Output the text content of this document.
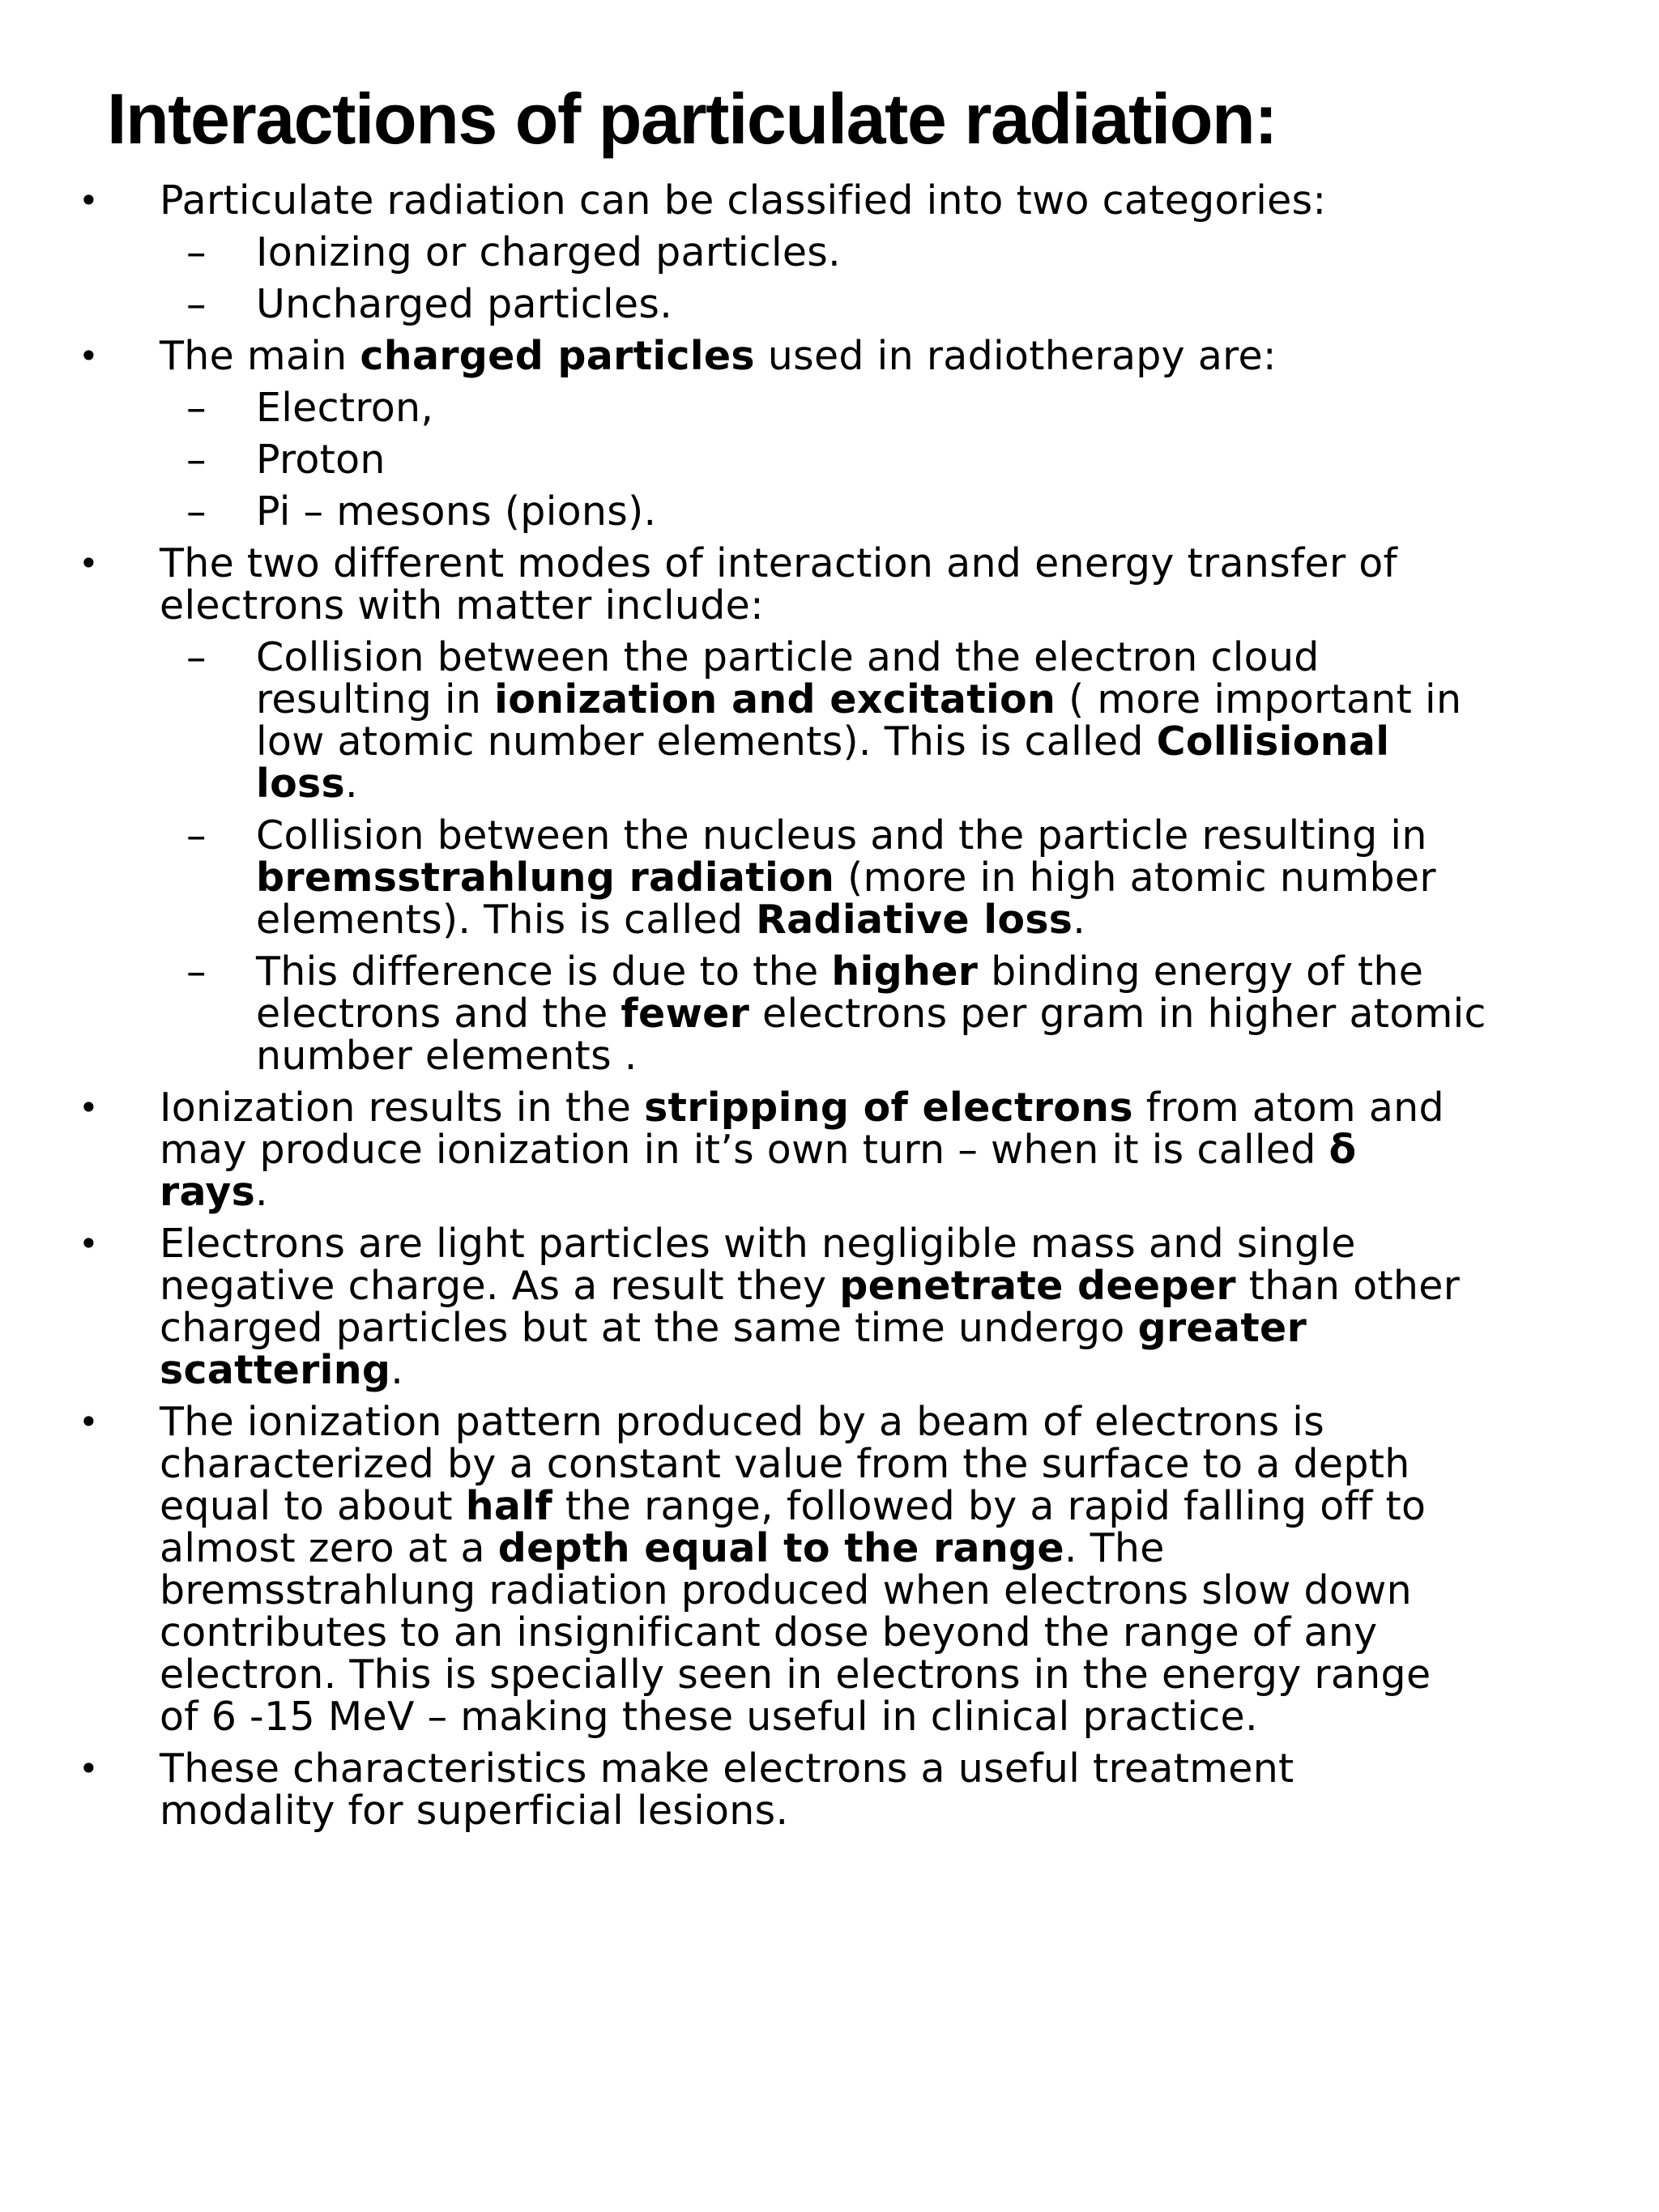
Interactions of particulate radiation:
• Particulate radiation can be classified into two categories:
– Ionizing or charged particles.
– Uncharged particles.
• The main charged particles used in radiotherapy are:
– Electron,
– Proton
– Pi – mesons (pions).
• The two different modes of interaction and energy transfer of
electrons with matter include:
– Collision between the particle and the electron cloud
resulting in ionization and excitation ( more important in
low atomic number elements). This is called Collisional
loss.
– Collision between the nucleus and the particle resulting in
bremsstrahlung radiation (more in high atomic number
elements). This is called Radiative loss.
– This difference is due to the higher binding energy of the
electrons and the fewer electrons per gram in higher atomic
number elements .
• Ionization results in the stripping of electrons from atom and
may produce ionization in it’s own turn – when it is called δ
rays.
• Electrons are light particles with negligible mass and single
negative charge. As a result they penetrate deeper than other
charged particles but at the same time undergo greater
scattering.
• The ionization pattern produced by a beam of electrons is
characterized by a constant value from the surface to a depth
equal to about half the range, followed by a rapid falling off to
almost zero at a depth equal to the range. The
bremsstrahlung radiation produced when electrons slow down
contributes to an insignificant dose beyond the range of any
electron. This is specially seen in electrons in the energy range
of 6 -15 MeV – making these useful in clinical practice.
• These characteristics make electrons a useful treatment
modality for superficial lesions.
